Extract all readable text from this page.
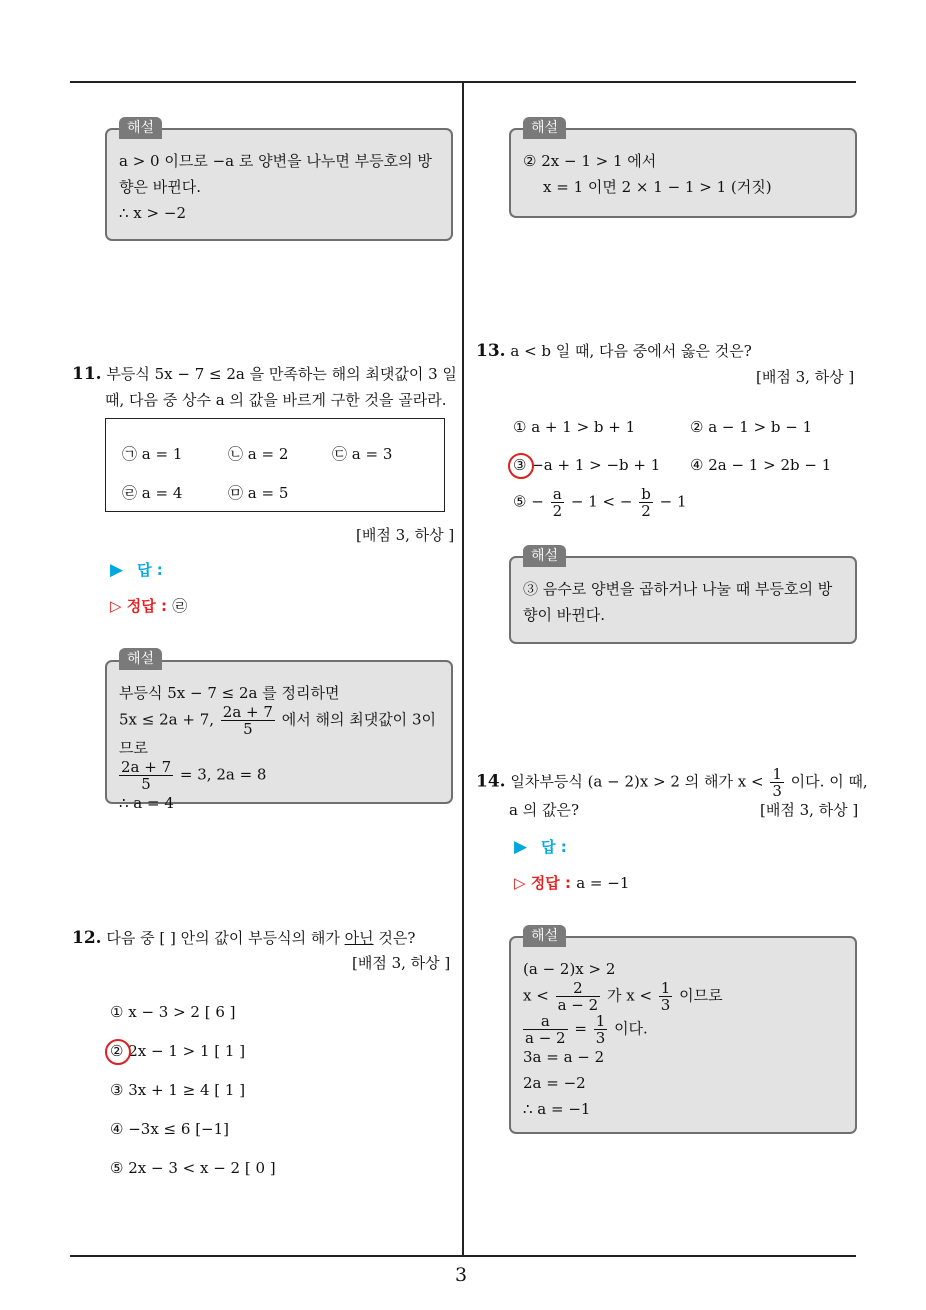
3
a > 0 이므로 −a 로 양변을 나누면 부등호의 방
향은 바뀐다.
∴ x > −2
해설
11. 부등식 5x − 7 ≤ 2a 을 만족하는 해의 최댓값이 3 일
때, 다음 중 상수 a 의 값을 바르게 구한 것을 골라라.
㉠ a = 1	㉡ a = 2	㉢ a = 3
㉣ a = 4	㉤ a = 5
[배점 3, 하상 ]
▶ 답 :
▷ 정답 : ㉣
부등식 5x − 7 ≤ 2a 를 정리하면
5x ≤ 2a + 7, $\frac{2a + 7}{5}$ 에서 해의 최댓값이 3이므로
$\frac{2a + 7}{5} = 3$, 2a = 8
∴ a = 4
해설
12. 다음 중 [ ] 안의 값이 부등식의 해가 아닌 것은?
[배점 3, 하상 ]
① x − 3 > 2 [ 6 ]
② 2x − 1 > 1 [ 1 ]
③ 3x + 1 ≥ 4 [ 1 ]
④ −3x ≤ 6 [−1]
⑤ 2x − 3 < x − 2 [ 0 ]
② 2x − 1 > 1 에서
x = 1 이면 2 × 1 − 1 > 1 (거짓)
해설
13. a < b 일 때, 다음 중에서 옳은 것은?
[배점 3, 하상 ]
① a + 1 > b + 1	② a − 1 > b − 1
③ −a + 1 > −b + 1 ④ 2a − 1 > 2b − 1
⑤ − $\frac{a}{2} - 1$ < − $\frac{b}{2} - 1$
③ 음수로 양변을 곱하거나 나눌 때 부등호의 방
향이 바뀐다.
해설
14. 일차부등식 (a − 2)x > 2 의 해가 $x < \frac{1}{3}$ 이다. 이 때,
a 의 값은?	[배점 3, 하상 ]
▶ 답 :
▷ 정답 : a = −1
(a − 2)x > 2
$x < \frac{2}{a - 2}$ 가 $x < \frac{1}{3}$ 이므로
$\frac{a}{a - 2} = \frac{1}{3}$ 이다.
3a = a − 2
2a = −2
∴ a = −1
해설
